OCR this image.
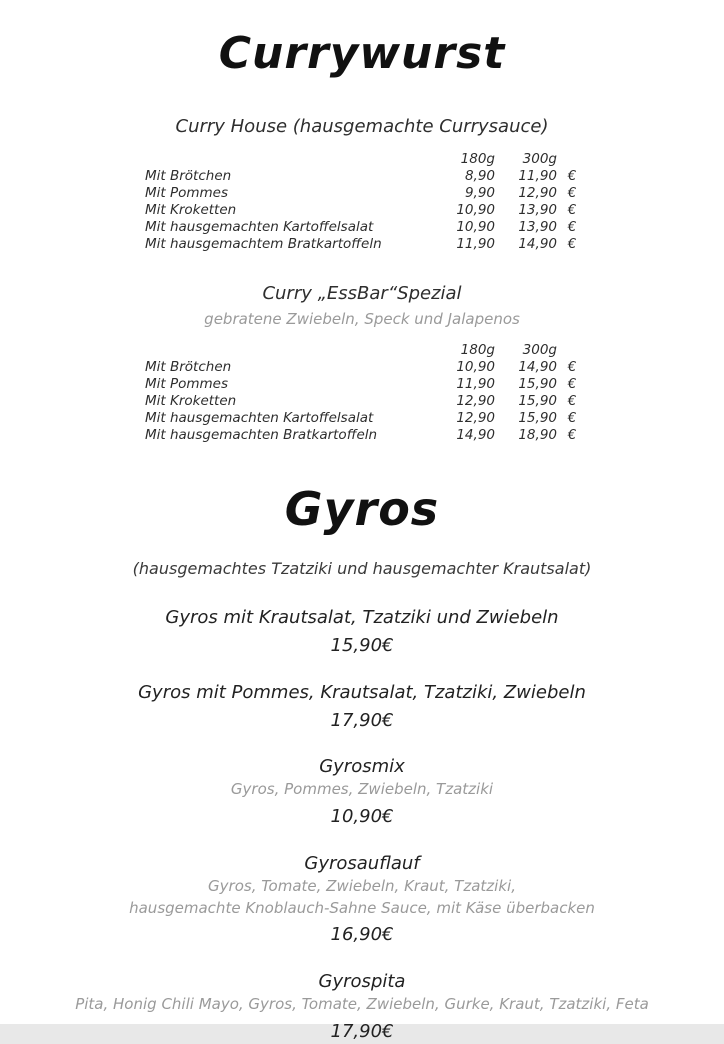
Currywurst
Curry House (hausgemachte Currysauce)
180g	300g
Mit Brötchen	8,90	11,90 €
Mit Pommes	9,90	12,90 €
Mit Kroketten	10,90	13,90 €
Mit hausgemachten Kartoffelsalat	10,90	13,90 €
Mit hausgemachtem Bratkartoffeln	11,90	14,90 €
Curry „EssBar“Spezial
gebratene Zwiebeln, Speck und Jalapenos
180g	300g
Mit Brötchen	10,90	14,90 €
Mit Pommes	11,90	15,90 €
Mit Kroketten	12,90	15,90 €
Mit hausgemachten Kartoffelsalat	12,90	15,90 €
Mit hausgemachten Bratkartoffeln	14,90	18,90 €
Gyros
(hausgemachtes Tzatziki und hausgemachter Krautsalat)
Gyros mit Krautsalat, Tzatziki und Zwiebeln
15,90€
Gyros mit Pommes, Krautsalat, Tzatziki, Zwiebeln
17,90€
Gyrosmix
Gyros, Pommes, Zwiebeln, Tzatziki
10,90€
Gyrosauflauf
Gyros, Tomate, Zwiebeln, Kraut, Tzatziki,
hausgemachte Knoblauch-Sahne Sauce, mit Käse überbacken
16,90€
Gyrospita
Pita, Honig Chili Mayo, Gyros, Tomate, Zwiebeln, Gurke, Kraut, Tzatziki, Feta
17,90€
